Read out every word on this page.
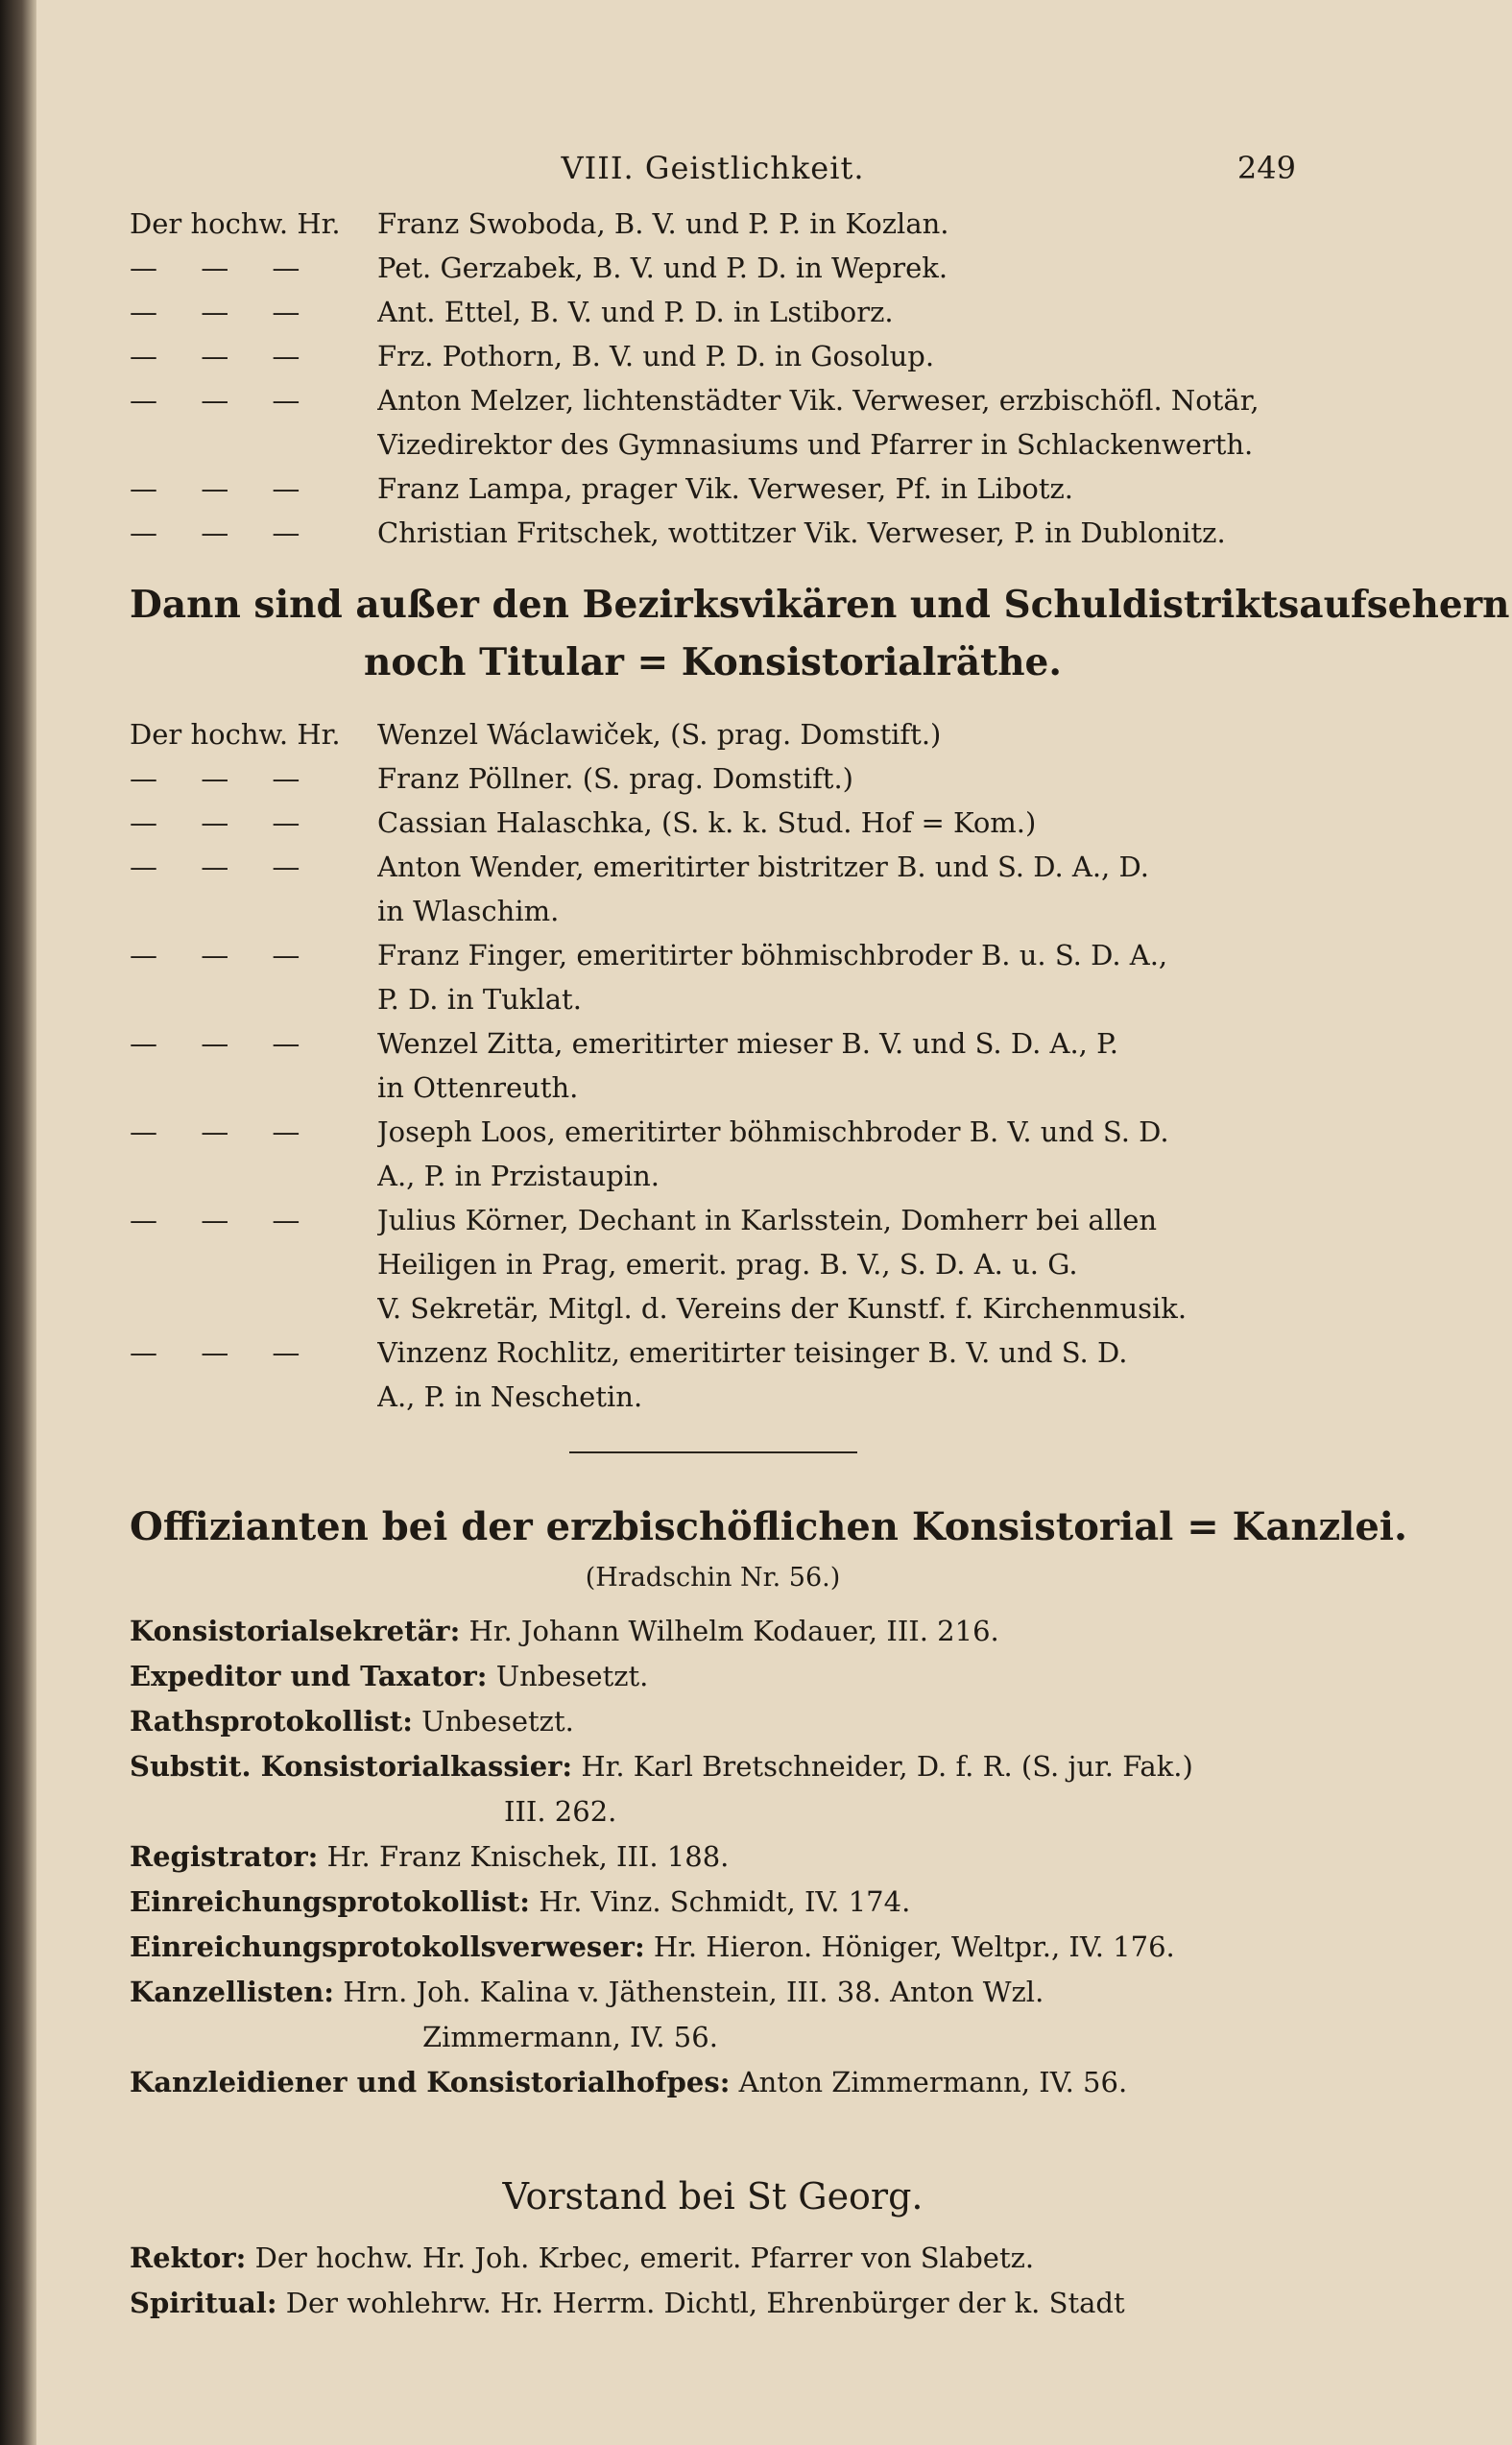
VIII. Geistlichkeit.	249
Der hochw. Hr.	Franz Swoboda, B. V. und P. P. in Kozlan.
— — —	Pet. Gerzabek, B. V. und P. D. in Weprek.
— — —	Ant. Ettel, B. V. und P. D. in Lstiborz.
— — —	Frz. Pothorn, B. V. und P. D. in Gosolup.
— — —	Anton Melzer, lichtenstädter Vik. Verweser, erzbischöfl. Notär,
Vizedirektor des Gymnasiums und Pfarrer in Schlackenwerth.
— — —	Franz Lampa, prager Vik. Verweser, Pf. in Libotz.
— — —	Christian Fritschek, wottitzer Vik. Verweser, P. in Dublonitz.
Dann sind außer den Bezirksvikären und Schuldistriktsaufsehern
noch Titular = Konsistorialräthe.
Der hochw. Hr.	Wenzel Wáclawiček, (S. prag. Domstift.)
— — —	Franz Pöllner. (S. prag. Domstift.)
— — —	Cassian Halaschka, (S. k. k. Stud. Hof = Kom.)
— — —	Anton Wender, emeritirter bistritzer B. und S. D. A., D.
in Wlaschim.
— — —	Franz Finger, emeritirter böhmischbroder B. u. S. D. A.,
P. D. in Tuklat.
— — —	Wenzel Zitta, emeritirter mieser B. V. und S. D. A., P.
in Ottenreuth.
— — —	Joseph Loos, emeritirter böhmischbroder B. V. und S. D.
A., P. in Przistaupin.
— — —	Julius Körner, Dechant in Karlsstein, Domherr bei allen
Heiligen in Prag, emerit. prag. B. V., S. D. A. u. G.
V. Sekretär, Mitgl. d. Vereins der Kunstf. f. Kirchenmusik.
— — —	Vinzenz Rochlitz, emeritirter teisinger B. V. und S. D.
A., P. in Neschetin.
Offizianten bei der erzbischöflichen Konsistorial = Kanzlei.
(Hradschin Nr. 56.)
Konsistorialsekretär: Hr. Johann Wilhelm Kodauer, III. 216.
Expeditor und Taxator: Unbesetzt.
Rathsprotokollist: Unbesetzt.
Substit. Konsistorialkassier: Hr. Karl Bretschneider, D. f. R. (S. jur. Fak.)
III. 262.
Registrator: Hr. Franz Knischek, III. 188.
Einreichungsprotokollist: Hr. Vinz. Schmidt, IV. 174.
Einreichungsprotokollsverweser: Hr. Hieron. Höniger, Weltpr., IV. 176.
Kanzellisten: Hrn. Joh. Kalina v. Jäthenstein, III. 38. Anton Wzl.
Zimmermann, IV. 56.
Kanzleidiener und Konsistorialhofpes: Anton Zimmermann, IV. 56.
Vorstand bei St Georg.
Rektor: Der hochw. Hr. Joh. Krbec, emerit. Pfarrer von Slabetz.
Spiritual: Der wohlehrw. Hr. Herrm. Dichtl, Ehrenbürger der k. Stadt
